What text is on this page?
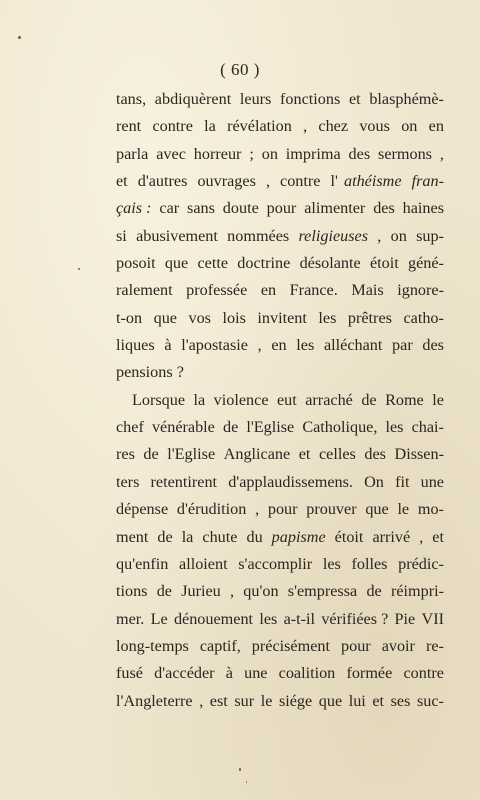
( 60 )
tans, abdiquèrent leurs fonctions et blasphémè-
rent contre la révélation , chez vous on en
parla avec horreur ; on imprima des sermons ,
et d'autres ouvrages , contre l' athéisme fran-
çais : car sans doute pour alimenter des haines
si abusivement nommées religieuses , on sup-
posoit que cette doctrine désolante étoit géné-
ralement professée en France. Mais ignore-
t-on que vos lois invitent les prêtres catho-
liques à l'apostasie , en les alléchant par des
pensions ?
Lorsque la violence eut arraché de Rome le
chef vénérable de l'Eglise Catholique, les chai-
res de l'Eglise Anglicane et celles des Dissen-
ters retentirent d'applaudissemens. On fit une
dépense d'érudition , pour prouver que le mo-
ment de la chute du papisme étoit arrivé , et
qu'enfin alloient s'accomplir les folles prédic-
tions de Jurieu , qu'on s'empressa de réimpri-
mer. Le dénouement les a-t-il vérifiées ? Pie VII
long-temps captif, précisément pour avoir re-
fusé d'accéder à une coalition formée contre
l'Angleterre , est sur le siége que lui et ses suc-
